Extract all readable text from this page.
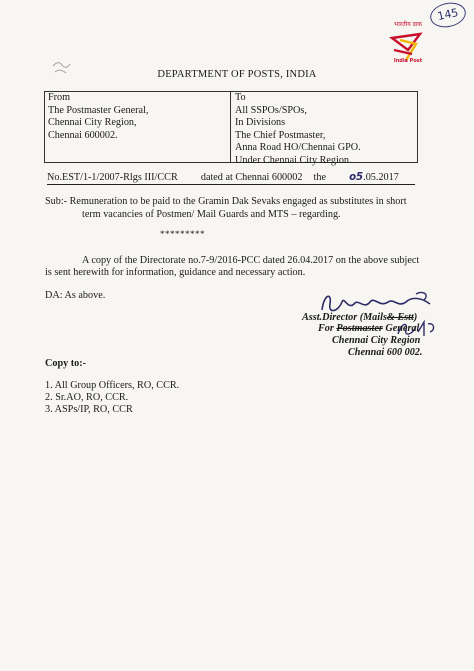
145
भारतीय डाक
India Post
DEPARTMENT OF POSTS, INDIA
From
The Postmaster General,
Chennai City Region,
Chennai 600002.
To
All SSPOs/SPOs,
In Divisions
The Chief Postmaster,
Anna Road HO/Chennai GPO.
Under Chennai City Region.
No.EST/1-1/2007-Rlgs III/CCR dated at Chennai 600002 the o5.05.2017
Sub:- Remuneration to be paid to the Gramin Dak Sevaks engaged as substitutes in short
term vacancies of Postmen/ Mail Guards and MTS – regarding.
*********
A copy of the Directorate no.7-9/2016-PCC dated 26.04.2017 on the above subject
is sent herewith for information, guidance and necessary action.
DA: As above.
Asst.Director (Mails& Estt)
For Postmaster General
Chennai City Region
Chennai 600 002.
Copy to:-
1. All Group Officers, RO, CCR.
2. Sr.AO, RO, CCR.
3. ASPs/IP, RO, CCR
